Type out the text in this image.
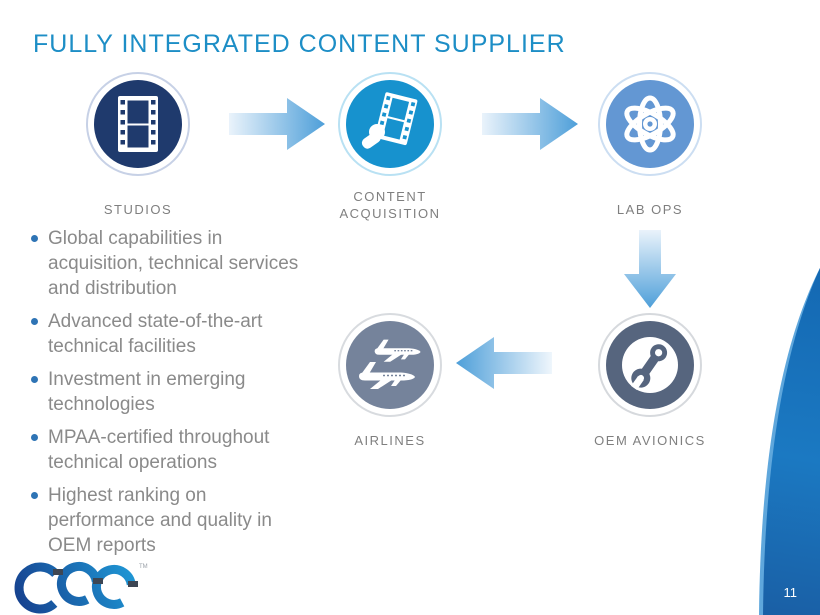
FULLY INTEGRATED CONTENT SUPPLIER
STUDIOS
CONTENT ACQUISITION	LAB OPS
OEM AVIONICS
AIRLINES
Global capabilities in acquisition, technical services and distribution
Advanced state-of-the-art technical facilities
Investment in emerging technologies
MPAA-certified throughout technical operations
Highest ranking on performance and quality in OEM reports
11
TM
